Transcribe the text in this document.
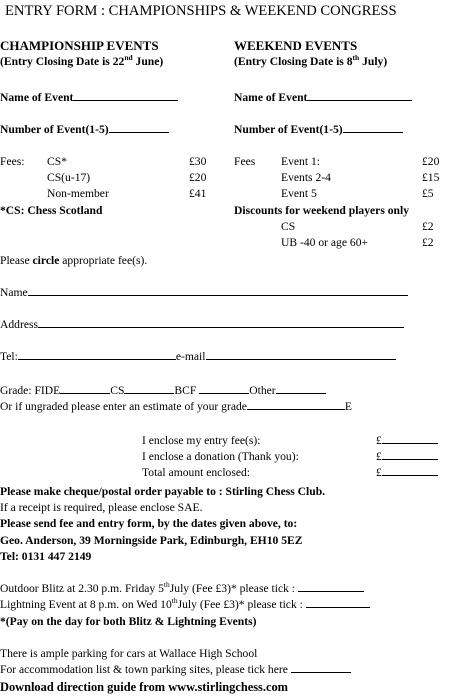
ENTRY FORM : CHAMPIONSHIPS & WEEKEND CONGRESS
CHAMPIONSHIP EVENTS
(Entry Closing Date is 22nd June)
Name of Event
Number of Event(1-5)
Fees: CS*	£30
CS(u-17)	£20
Non-member	£41
*CS: Chess Scotland
WEEKEND EVENTS
(Entry Closing Date is 8th July)
Name of Event
Number of Event(1-5)
Fees Event 1:	£20
Events 2-4	£15
Event 5	£5
Discounts for weekend players only
CS	£2
UB -40 or age 60+	£2
Please circle appropriate fee(s).
Name
Address
Tel:	e-mail
Grade: FIDE	CS	BCF	Other
Or if ungraded please enter an estimate of your grade	E
I enclose my entry fee(s):	£
I enclose a donation (Thank you):	£
Total amount enclosed:	£
Please make cheque/postal order payable to : Stirling Chess Club.
If a receipt is required, please enclose SAE.
Please send fee and entry form, by the dates given above, to:
Geo. Anderson, 39 Morningside Park, Edinburgh, EH10 5EZ
Tel: 0131 447 2149
Outdoor Blitz at 2.30 p.m. Friday 5thJuly (Fee £3)* please tick :
Lightning Event at 8 p.m. on Wed 10thJuly (Fee £3)* please tick :
*(Pay on the day for both Blitz & Lightning Events)
There is ample parking for cars at Wallace High School
For accommodation list & town parking sites, please tick here
Download direction guide from www.stirlingchess.com
